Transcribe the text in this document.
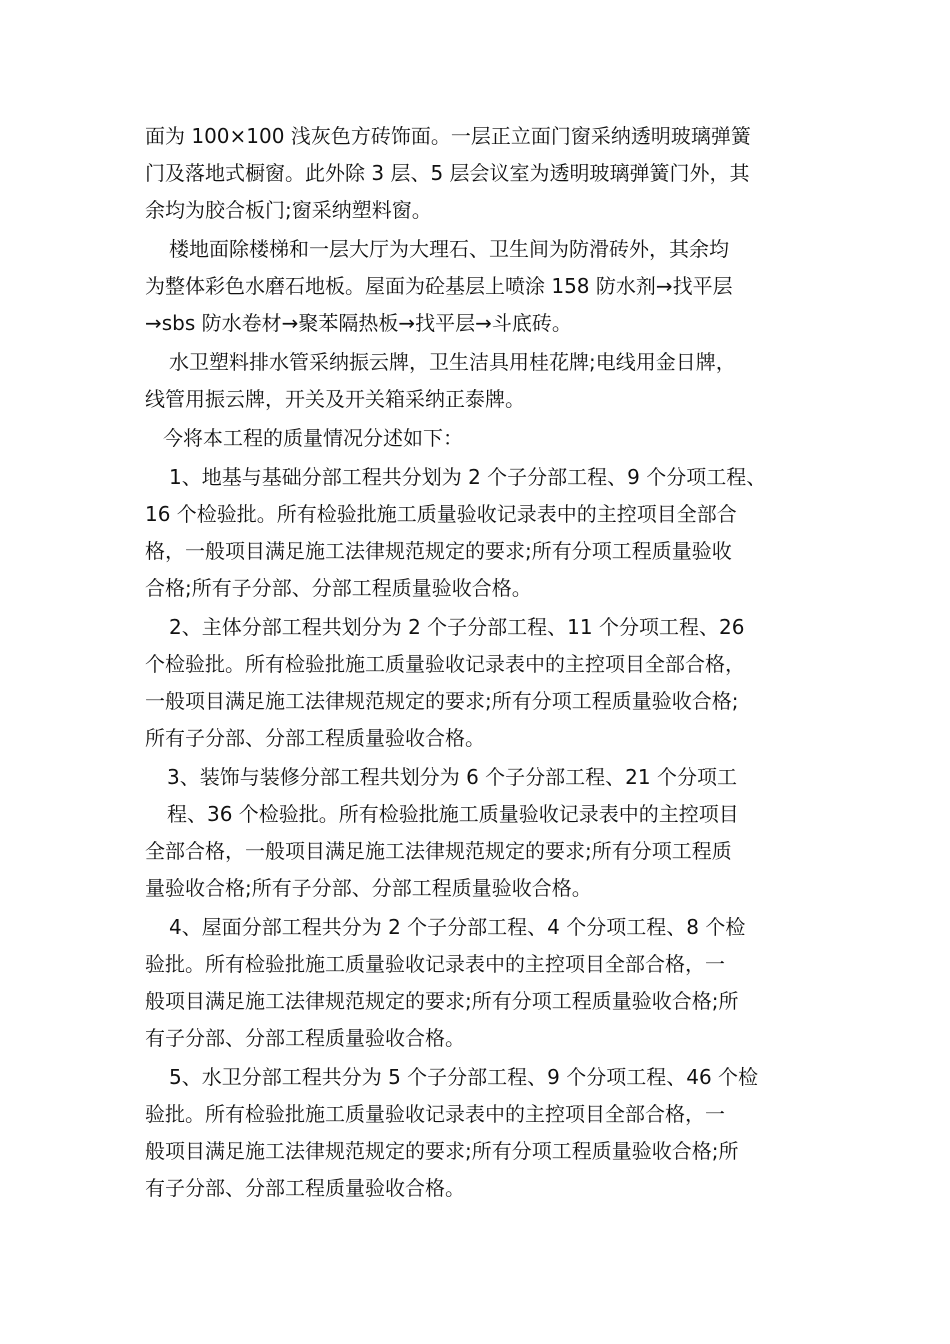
面为 100×100 浅灰色方砖饰面。一层正立面门窗采纳透明玻璃弹簧
门及落地式橱窗。此外除 3 层、5 层会议室为透明玻璃弹簧门外，其
余均为胶合板门;窗采纳塑料窗。
楼地面除楼梯和一层大厅为大理石、卫生间为防滑砖外，其余均
为整体彩色水磨石地板。屋面为砼基层上喷涂 158 防水剂→找平层
→sbs 防水卷材→聚苯隔热板→找平层→斗底砖。
水卫塑料排水管采纳振云牌，卫生洁具用桂花牌;电线用金日牌，
线管用振云牌，开关及开关箱采纳正泰牌。
今将本工程的质量情况分述如下：
1、地基与基础分部工程共分划为 2 个子分部工程、9 个分项工程、
16 个检验批。所有检验批施工质量验收记录表中的主控项目全部合
格，一般项目满足施工法律规范规定的要求;所有分项工程质量验收
合格;所有子分部、分部工程质量验收合格。
2、主体分部工程共划分为 2 个子分部工程、11 个分项工程、26
个检验批。所有检验批施工质量验收记录表中的主控项目全部合格，
一般项目满足施工法律规范规定的要求;所有分项工程质量验收合格;
所有子分部、分部工程质量验收合格。
3、装饰与装修分部工程共划分为 6 个子分部工程、21 个分项工
程、36 个检验批。所有检验批施工质量验收记录表中的主控项目
全部合格，一般项目满足施工法律规范规定的要求;所有分项工程质
量验收合格;所有子分部、分部工程质量验收合格。
4、屋面分部工程共分为 2 个子分部工程、4 个分项工程、8 个检
验批。所有检验批施工质量验收记录表中的主控项目全部合格，一
般项目满足施工法律规范规定的要求;所有分项工程质量验收合格;所
有子分部、分部工程质量验收合格。
5、水卫分部工程共分为 5 个子分部工程、9 个分项工程、46 个检
验批。所有检验批施工质量验收记录表中的主控项目全部合格，一
般项目满足施工法律规范规定的要求;所有分项工程质量验收合格;所
有子分部、分部工程质量验收合格。
